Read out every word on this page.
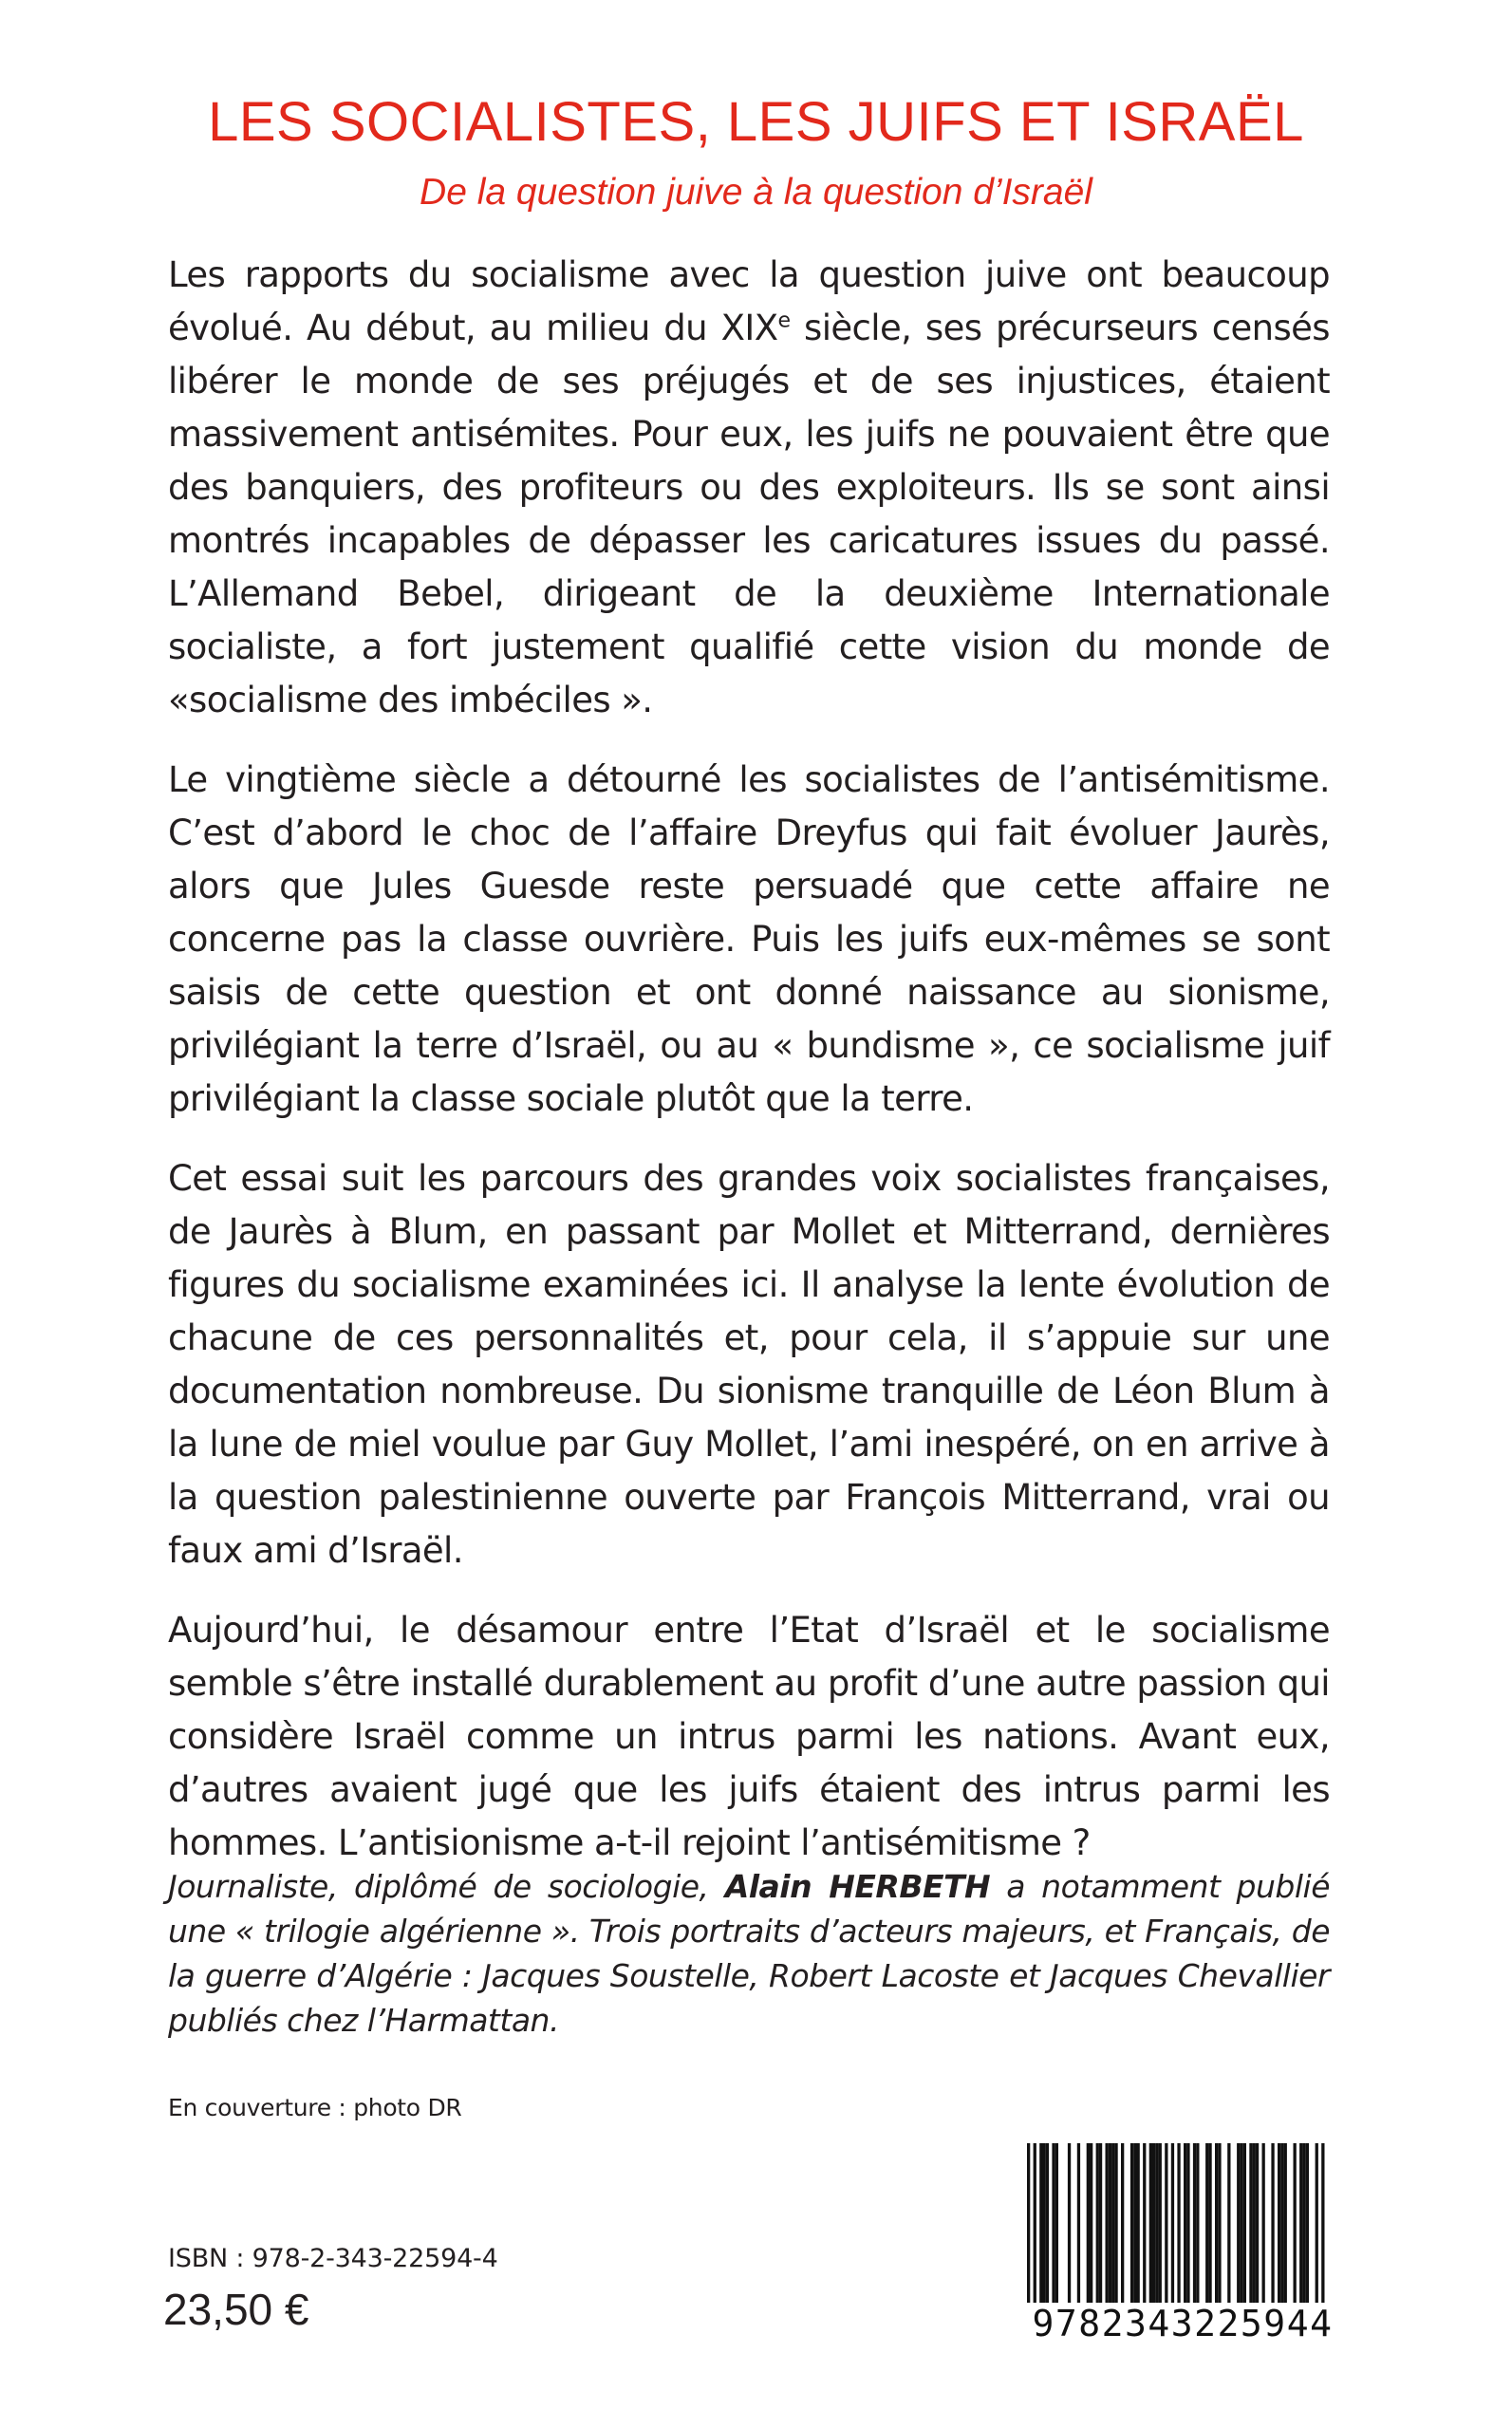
LES SOCIALISTES, LES JUIFS ET ISRAËL

De la question juive à la question d’Israël

Les rapports du socialisme avec la question juive ont beaucoup évolué. Au début, au milieu du XIXe siècle, ses précurseurs censés libérer le monde de ses préjugés et de ses injustices, étaient massivement antisémites. Pour eux, les juifs ne pouvaient être que des banquiers, des profiteurs ou des exploiteurs. Ils se sont ainsi montrés incapables de dépasser les caricatures issues du passé. L’Allemand Bebel, dirigeant de la deuxième Internationale socialiste, a fort justement qualifié cette vision du monde de «socialisme des imbéciles ».

Le vingtième siècle a détourné les socialistes de l’antisémitisme. C’est d’abord le choc de l’affaire Dreyfus qui fait évoluer Jaurès, alors que Jules Guesde reste persuadé que cette affaire ne concerne pas la classe ouvrière. Puis les juifs eux-mêmes se sont saisis de cette question et ont donné naissance au sionisme, privilégiant la terre d’Israël, ou au « bundisme », ce socialisme juif privilégiant la classe sociale plutôt que la terre.

Cet essai suit les parcours des grandes voix socialistes françaises, de Jaurès à Blum, en passant par Mollet et Mitterrand, dernières figures du socialisme examinées ici. Il analyse la lente évolution de chacune de ces personnalités et, pour cela, il s’appuie sur une documentation nombreuse. Du sionisme tranquille de Léon Blum à la lune de miel voulue par Guy Mollet, l’ami inespéré, on en arrive à la question palestinienne ouverte par François Mitterrand, vrai ou faux ami d’Israël.

Aujourd’hui, le désamour entre l’Etat d’Israël et le socialisme semble s’être installé durablement au profit d’une autre passion qui considère Israël comme un intrus parmi les nations. Avant eux, d’autres avaient jugé que les juifs étaient des intrus parmi les hommes. L’antisionisme a-t-il rejoint l’antisémitisme ?

Journaliste, diplômé de sociologie, Alain HERBETH a notamment publié une « trilogie algérienne ». Trois portraits d’acteurs majeurs, et Français, de la guerre d’Algérie : Jacques Soustelle, Robert Lacoste et Jacques Chevallier publiés chez l’Harmattan.

En couverture : photo DR

ISBN : 978-2-343-22594-4

23,50 €	9782343225944
